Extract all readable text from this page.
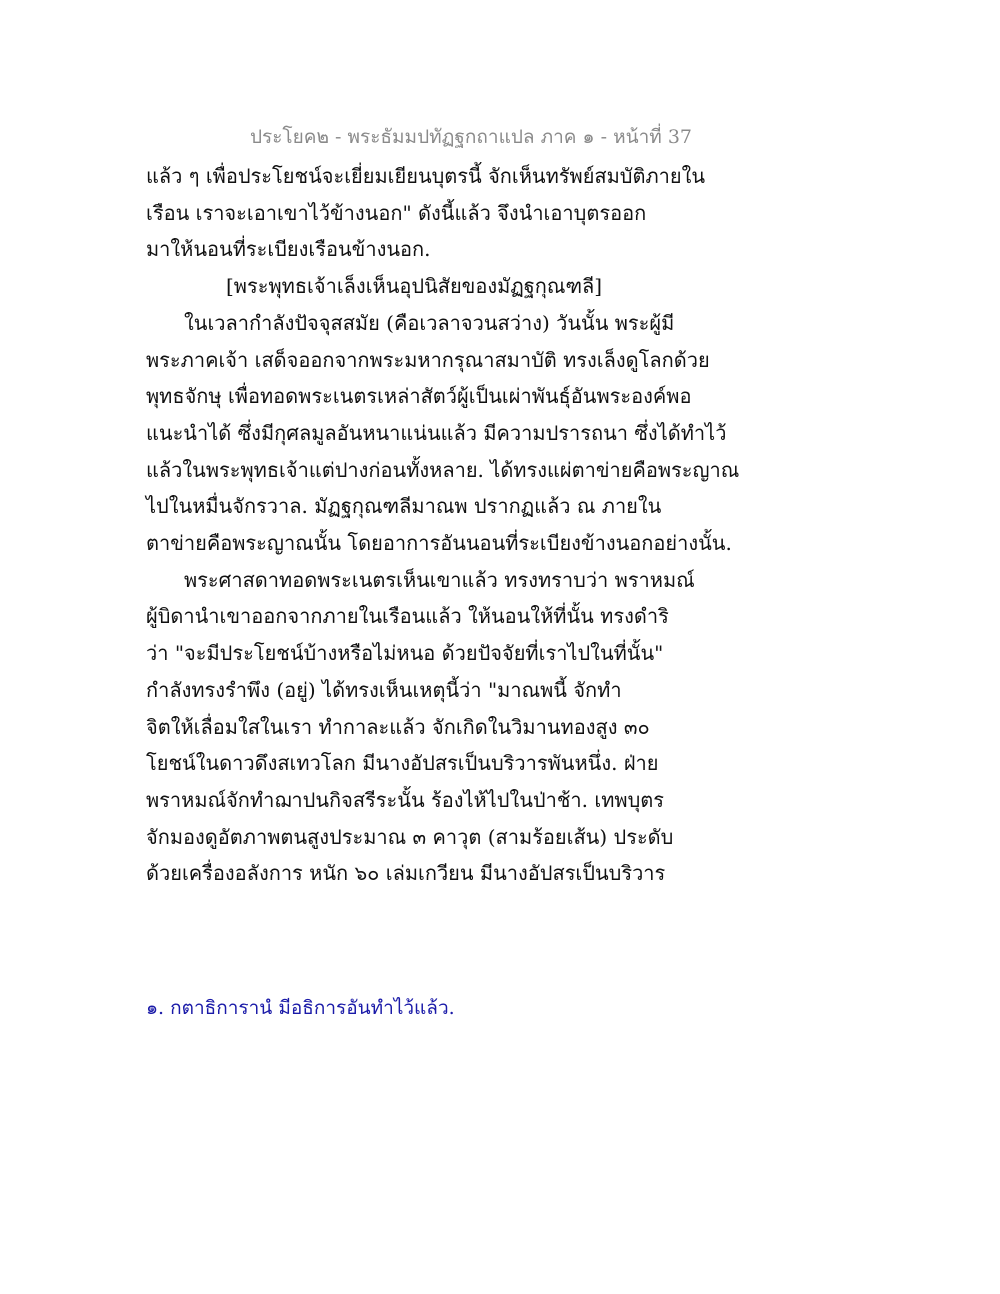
ประโยค๒ - พระธัมมปทัฏฐกถาแปล ภาค ๑ - หน้าที่ 37
แล้ว ๆ เพื่อประโยชน์จะเยี่ยมเยียนบุตรนี้ จักเห็นทรัพย์สมบัติภายใน
เรือน เราจะเอาเขาไว้ข้างนอก" ดังนี้แล้ว จึงนำเอาบุตรออก
มาให้นอนที่ระเบียงเรือนข้างนอก.
[พระพุทธเจ้าเล็งเห็นอุปนิสัยของมัฏฐกุณฑลี]
ในเวลากำลังปัจจุสสมัย (คือเวลาจวนสว่าง) วันนั้น พระผู้มี
พระภาคเจ้า เสด็จออกจากพระมหากรุณาสมาบัติ ทรงเล็งดูโลกด้วย
พุทธจักษุ เพื่อทอดพระเนตรเหล่าสัตว์ผู้เป็นเผ่าพันธุ์อันพระองค์พอ
แนะนำได้ ซึ่งมีกุศลมูลอันหนาแน่นแล้ว มีความปรารถนา ซึ่งได้ทำไว้
แล้วในพระพุทธเจ้าแต่ปางก่อนทั้งหลาย. ได้ทรงแผ่ตาข่ายคือพระญาณ
ไปในหมื่นจักรวาล. มัฏฐกุณฑลีมาณพ ปรากฏแล้ว ณ ภายใน
ตาข่ายคือพระญาณนั้น โดยอาการอันนอนที่ระเบียงข้างนอกอย่างนั้น.
พระศาสดาทอดพระเนตรเห็นเขาแล้ว ทรงทราบว่า พราหมณ์
ผู้บิดานำเขาออกจากภายในเรือนแล้ว ให้นอนให้ที่นั้น ทรงดำริ
ว่า "จะมีประโยชน์บ้างหรือไม่หนอ ด้วยปัจจัยที่เราไปในที่นั้น"
กำลังทรงรำพึง (อยู่) ได้ทรงเห็นเหตุนี้ว่า "มาณพนี้ จักทำ
จิตให้เลื่อมใสในเรา ทำกาละแล้ว จักเกิดในวิมานทองสูง ๓๐
โยชน์ในดาวดึงสเทวโลก มีนางอัปสรเป็นบริวารพันหนึ่ง. ฝ่าย
พราหมณ์จักทำฌาปนกิจสรีระนั้น ร้องไห้ไปในป่าช้า. เทพบุตร
จักมองดูอัตภาพตนสูงประมาณ ๓ คาวุต (สามร้อยเส้น) ประดับ
ด้วยเครื่องอลังการ หนัก ๖๐ เล่มเกวียน มีนางอัปสรเป็นบริวาร
๑. กตาธิการานํ มีอธิการอันทำไว้แล้ว.
